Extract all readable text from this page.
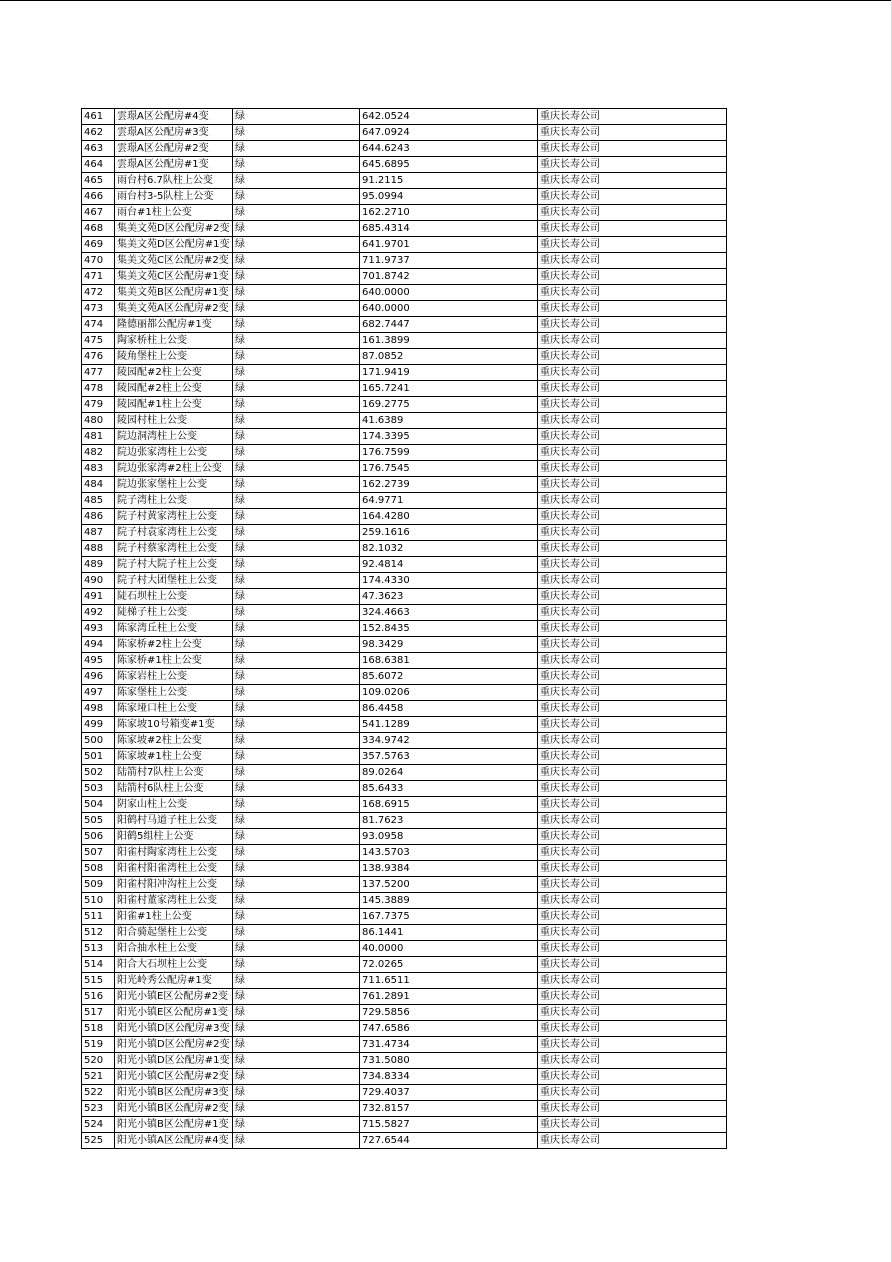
461	雲璟A区公配房#4变	绿	642.0524	重庆长寿公司
462	雲璟A区公配房#3变	绿	647.0924	重庆长寿公司
463	雲璟A区公配房#2变	绿	644.6243	重庆长寿公司
464	雲璟A区公配房#1变	绿	645.6895	重庆长寿公司
465	雨台村6.7队柱上公变	绿	91.2115	重庆长寿公司
466	雨台村3-5队柱上公变	绿	95.0994	重庆长寿公司
467	雨台#1柱上公变	绿	162.2710	重庆长寿公司
468	集美文苑D区公配房#2变	绿	685.4314	重庆长寿公司
469	集美文苑D区公配房#1变	绿	641.9701	重庆长寿公司
470	集美文苑C区公配房#2变	绿	711.9737	重庆长寿公司
471	集美文苑C区公配房#1变	绿	701.8742	重庆长寿公司
472	集美文苑B区公配房#1变	绿	640.0000	重庆长寿公司
473	集美文苑A区公配房#2变	绿	640.0000	重庆长寿公司
474	隆德丽都公配房#1变	绿	682.7447	重庆长寿公司
475	陶家桥柱上公变	绿	161.3899	重庆长寿公司
476	陵角堡柱上公变	绿	87.0852	重庆长寿公司
477	陵园配#2柱上公变	绿	171.9419	重庆长寿公司
478	陵园配#2柱上公变	绿	165.7241	重庆长寿公司
479	陵园配#1柱上公变	绿	169.2775	重庆长寿公司
480	陵园村柱上公变	绿	41.6389	重庆长寿公司
481	院边洞湾柱上公变	绿	174.3395	重庆长寿公司
482	院边张家湾柱上公变	绿	176.7599	重庆长寿公司
483	院边张家湾#2柱上公变	绿	176.7545	重庆长寿公司
484	院边张家堡柱上公变	绿	162.2739	重庆长寿公司
485	院子湾柱上公变	绿	64.9771	重庆长寿公司
486	院子村黄家湾柱上公变	绿	164.4280	重庆长寿公司
487	院子村袁家湾柱上公变	绿	259.1616	重庆长寿公司
488	院子村蔡家湾柱上公变	绿	82.1032	重庆长寿公司
489	院子村大院子柱上公变	绿	92.4814	重庆长寿公司
490	院子村大团堡柱上公变	绿	174.4330	重庆长寿公司
491	陡石坝柱上公变	绿	47.3623	重庆长寿公司
492	陡梯子柱上公变	绿	324.4663	重庆长寿公司
493	陈家湾丘柱上公变	绿	152.8435	重庆长寿公司
494	陈家桥#2柱上公变	绿	98.3429	重庆长寿公司
495	陈家桥#1柱上公变	绿	168.6381	重庆长寿公司
496	陈家岩柱上公变	绿	85.6072	重庆长寿公司
497	陈家堡柱上公变	绿	109.0206	重庆长寿公司
498	陈家垭口柱上公变	绿	86.4458	重庆长寿公司
499	陈家坡10号箱变#1变	绿	541.1289	重庆长寿公司
500	陈家坡#2柱上公变	绿	334.9742	重庆长寿公司
501	陈家坡#1柱上公变	绿	357.5763	重庆长寿公司
502	陆箭村7队柱上公变	绿	89.0264	重庆长寿公司
503	陆箭村6队柱上公变	绿	85.6433	重庆长寿公司
504	阴家山柱上公变	绿	168.6915	重庆长寿公司
505	阳鹤村马道子柱上公变	绿	81.7623	重庆长寿公司
506	阳鹤5组柱上公变	绿	93.0958	重庆长寿公司
507	阳雀村陶家湾柱上公变	绿	143.5703	重庆长寿公司
508	阳雀村阳雀湾柱上公变	绿	138.9384	重庆长寿公司
509	阳雀村阳冲沟柱上公变	绿	137.5200	重庆长寿公司
510	阳雀村董家湾柱上公变	绿	145.3889	重庆长寿公司
511	阳雀#1柱上公变	绿	167.7375	重庆长寿公司
512	阳合骑起堡柱上公变	绿	86.1441	重庆长寿公司
513	阳合抽水柱上公变	绿	40.0000	重庆长寿公司
514	阳合大石坝柱上公变	绿	72.0265	重庆长寿公司
515	阳光岭秀公配房#1变	绿	711.6511	重庆长寿公司
516	阳光小镇E区公配房#2变	绿	761.2891	重庆长寿公司
517	阳光小镇E区公配房#1变	绿	729.5856	重庆长寿公司
518	阳光小镇D区公配房#3变	绿	747.6586	重庆长寿公司
519	阳光小镇D区公配房#2变	绿	731.4734	重庆长寿公司
520	阳光小镇D区公配房#1变	绿	731.5080	重庆长寿公司
521	阳光小镇C区公配房#2变	绿	734.8334	重庆长寿公司
522	阳光小镇B区公配房#3变	绿	729.4037	重庆长寿公司
523	阳光小镇B区公配房#2变	绿	732.8157	重庆长寿公司
524	阳光小镇B区公配房#1变	绿	715.5827	重庆长寿公司
525	阳光小镇A区公配房#4变	绿	727.6544	重庆长寿公司
